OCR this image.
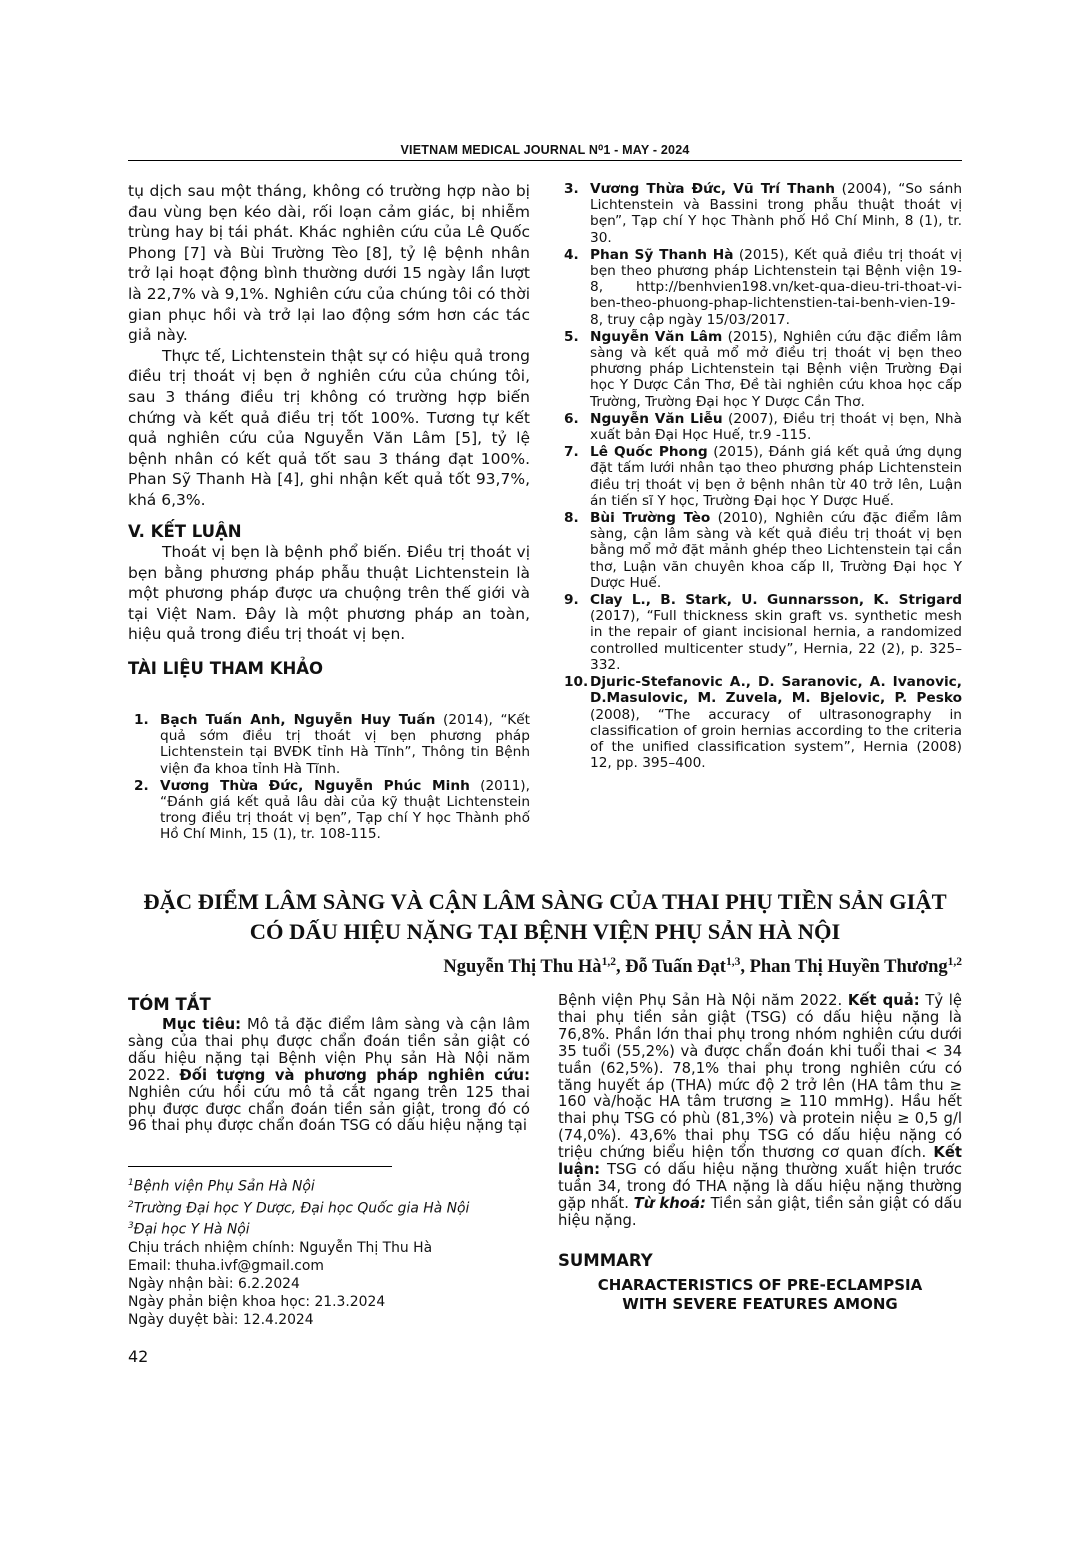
VIETNAM MEDICAL JOURNAL N⁰1 - MAY - 2024

tụ dịch sau một tháng, không có trường hợp nào bị đau vùng bẹn kéo dài, rối loạn cảm giác, bị nhiễm trùng hay bị tái phát. Khác nghiên cứu của Lê Quốc Phong [7] và Bùi Trường Tèo [8], tỷ lệ bệnh nhân trở lại hoạt động bình thường dưới 15 ngày lần lượt là 22,7% và 9,1%. Nghiên cứu của chúng tôi có thời gian phục hồi và trở lại lao động sớm hơn các tác giả này.

Thực tế, Lichtenstein thật sự có hiệu quả trong điều trị thoát vị bẹn ở nghiên cứu của chúng tôi, sau 3 tháng điều trị không có trường hợp biến chứng và kết quả điều trị tốt 100%. Tương tự kết quả nghiên cứu của Nguyễn Văn Lâm [5], tỷ lệ bệnh nhân có kết quả tốt sau 3 tháng đạt 100%. Phan Sỹ Thanh Hà [4], ghi nhận kết quả tốt 93,7%, khá 6,3%.

V. KẾT LUẬN

Thoát vị bẹn là bệnh phổ biến. Điều trị thoát vị bẹn bằng phương pháp phẫu thuật Lichtenstein là một phương pháp được ưa chuộng trên thế giới và tại Việt Nam. Đây là một phương pháp an toàn, hiệu quả trong điều trị thoát vị bẹn.

TÀI LIỆU THAM KHẢO
1. Bạch Tuấn Anh, Nguyễn Huy Tuấn (2014), “Kết quả sớm điều trị thoát vị bẹn phương pháp Lichtenstein tại BVĐK tỉnh Hà Tĩnh”, Thông tin Bệnh viện đa khoa tỉnh Hà Tĩnh.
2. Vương Thừa Đức, Nguyễn Phúc Minh (2011), “Đánh giá kết quả lâu dài của kỹ thuật Lichtenstein trong điều trị thoát vị bẹn”, Tạp chí Y học Thành phố Hồ Chí Minh, 15 (1), tr. 108-115.
3. Vương Thừa Đức, Vũ Trí Thanh (2004), “So sánh Lichtenstein và Bassini trong phẫu thuật thoát vị bẹn”, Tạp chí Y học Thành phố Hồ Chí Minh, 8 (1), tr. 30.
4. Phan Sỹ Thanh Hà (2015), Kết quả điều trị thoát vị bẹn theo phương pháp Lichtenstein tại Bệnh viện 19-8, http://benhvien198.vn/ket-qua-dieu-tri-thoat-vi-ben-theo-phuong-phap-lichtenstien-tai-benh-vien-19-8, truy cập ngày 15/03/2017.
5. Nguyễn Văn Lâm (2015), Nghiên cứu đặc điểm lâm sàng và kết quả mổ mở điều trị thoát vị bẹn theo phương pháp Lichtenstein tại Bệnh viện Trường Đại học Y Dược Cần Thơ, Đề tài nghiên cứu khoa học cấp Trường, Trường Đại học Y Dược Cần Thơ.
6. Nguyễn Văn Liễu (2007), Điều trị thoát vị bẹn, Nhà xuất bản Đại Học Huế, tr.9 -115.
7. Lê Quốc Phong (2015), Đánh giá kết quả ứng dụng đặt tấm lưới nhân tạo theo phương pháp Lichtenstein điều trị thoát vị bẹn ở bệnh nhân từ 40 trở lên, Luận án tiến sĩ Y học, Trường Đại học Y Dược Huế.
8. Bùi Trường Tèo (2010), Nghiên cứu đặc điểm lâm sàng, cận lâm sàng và kết quả điều trị thoát vị bẹn bằng mổ mở đặt mảnh ghép theo Lichtenstein tại cần thơ, Luận văn chuyên khoa cấp II, Trường Đại học Y Dược Huế.
9. Clay L., B. Stark, U. Gunnarsson, K. Strigard (2017), “Full thickness skin graft vs. synthetic mesh in the repair of giant incisional hernia, a randomized controlled multicenter study”, Hernia, 22 (2), p. 325–332.
10. Djuric-Stefanovic A., D. Saranovic, A. Ivanovic, D.Masulovic, M. Zuvela, M. Bjelovic, P. Pesko (2008), “The accuracy of ultrasonography in classification of groin hernias according to the criteria of the unified classification system”, Hernia (2008) 12, pp. 395–400.
ĐẶC ĐIỂM LÂM SÀNG VÀ CẬN LÂM SÀNG CỦA THAI PHỤ TIỀN SẢN GIẬT
CÓ DẤU HIỆU NẶNG TẠI BỆNH VIỆN PHỤ SẢN HÀ NỘI
Nguyễn Thị Thu Hà$^{1,2}$, Đỗ Tuấn Đạt$^{1,3}$, Phan Thị Huyền Thương$^{1,2}$
TÓM TẮT

Mục tiêu: Mô tả đặc điểm lâm sàng và cận lâm sàng của thai phụ được chẩn đoán tiền sản giật có dấu hiệu nặng tại Bệnh viện Phụ sản Hà Nội năm 2022. Đối tượng và phương pháp nghiên cứu: Nghiên cứu hồi cứu mô tả cắt ngang trên 125 thai phụ được được chẩn đoán tiền sản giật, trong đó có 96 thai phụ được chẩn đoán TSG có dấu hiệu nặng tại

Bệnh viện Phụ Sản Hà Nội năm 2022. Kết quả: Tỷ lệ thai phụ tiền sản giật (TSG) có dấu hiệu nặng là 76,8%. Phần lớn thai phụ trong nhóm nghiên cứu dưới 35 tuổi (55,2%) và được chẩn đoán khi tuổi thai < 34 tuần (62,5%). 78,1% thai phụ trong nghiên cứu có tăng huyết áp (THA) mức độ 2 trở lên (HA tâm thu ≥ 160 và/hoặc HA tâm trương ≥ 110 mmHg). Hầu hết thai phụ TSG có phù (81,3%) và protein niệu ≥ 0,5 g/l (74,0%). 43,6% thai phụ TSG có dấu hiệu nặng có triệu chứng biểu hiện tổn thương cơ quan đích. Kết luận: TSG có dấu hiệu nặng thường xuất hiện trước tuần 34, trong đó THA nặng là dấu hiệu nặng thường gặp nhất. Từ khoá: Tiền sản giật, tiền sản giật có dấu hiệu nặng.

SUMMARY
CHARACTERISTICS OF PRE-ECLAMPSIA
WITH SEVERE FEATURES AMONG
$^1$Bệnh viện Phụ Sản Hà Nội
$^2$Trường Đại học Y Dược, Đại học Quốc gia Hà Nội
$^3$Đại học Y Hà Nội
Chịu trách nhiệm chính: Nguyễn Thị Thu Hà
Email: thuha.ivf@gmail.com
Ngày nhận bài: 6.2.2024
Ngày phản biện khoa học: 21.3.2024
Ngày duyệt bài: 12.4.2024
42
